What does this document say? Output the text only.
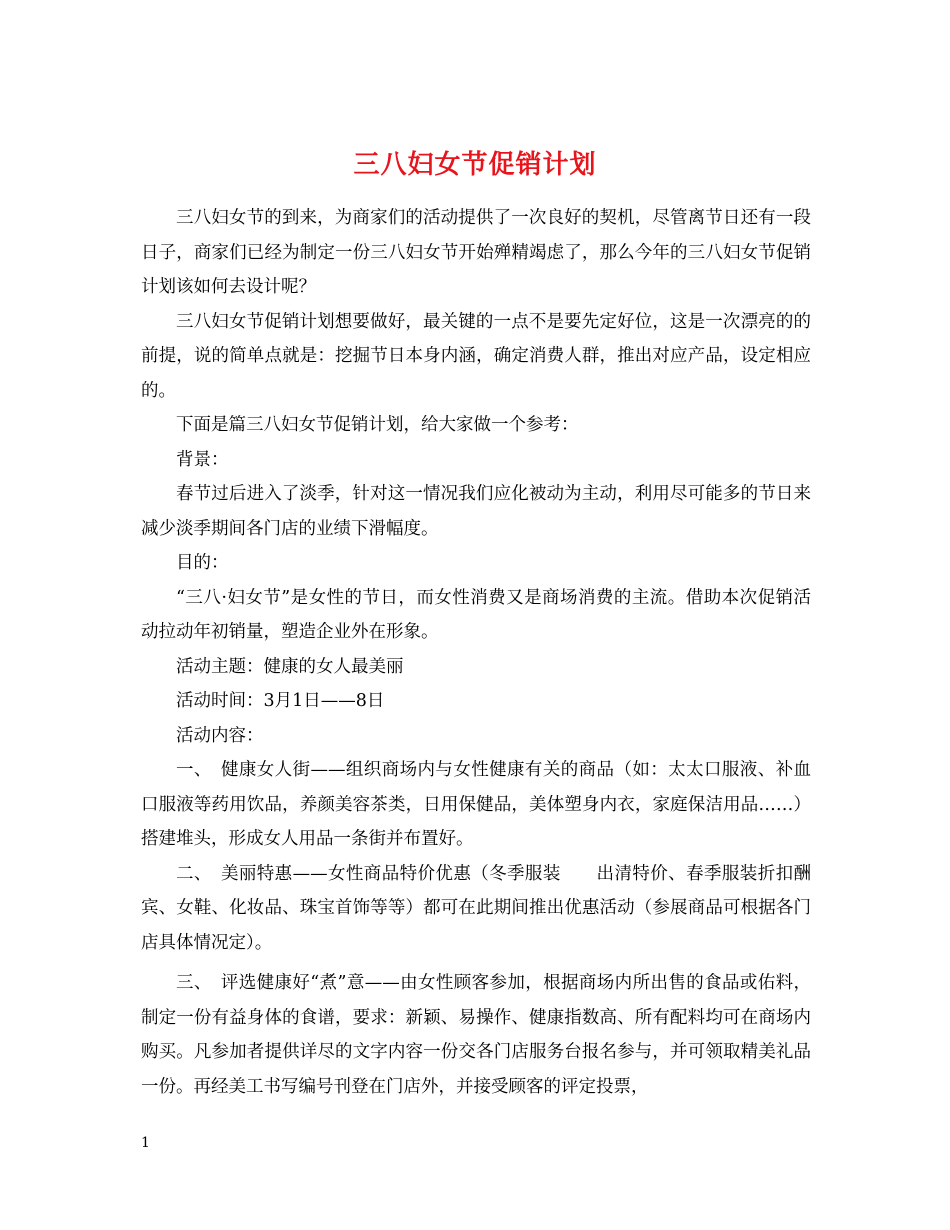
三八妇女节促销计划

三八妇女节的到来，为商家们的活动提供了一次良好的契机，尽管离节日还有一段日子，商家们已经为制定一份三八妇女节开始殚精竭虑了，那么今年的三八妇女节促销计划该如何去设计呢？

三八妇女节促销计划想要做好，最关键的一点不是要先定好位，这是一次漂亮的的前提，说的简单点就是：挖掘节日本身内涵，确定消费人群，推出对应产品，设定相应的。

下面是篇三八妇女节促销计划，给大家做一个参考：

背景：

春节过后进入了淡季，针对这一情况我们应化被动为主动，利用尽可能多的节日来减少淡季期间各门店的业绩下滑幅度。

目的：

“三八·妇女节”是女性的节日，而女性消费又是商场消费的主流。借助本次促销活动拉动年初销量，塑造企业外在形象。

活动主题：健康的女人最美丽

活动时间：3月1日——8日

活动内容：

一、　健康女人街——组织商场内与女性健康有关的商品（如：太太口服液、补血口服液等药用饮品，养颜美容茶类，日用保健品，美体塑身内衣，家庭保洁用品……）搭建堆头，形成女人用品一条街并布置好。

二、　美丽特惠——女性商品特价优惠（冬季服装　　出清特价、春季服装折扣酬宾、女鞋、化妆品、珠宝首饰等等）都可在此期间推出优惠活动（参展商品可根据各门店具体情况定）。

三、　评选健康好“煮”意——由女性顾客参加，根据商场内所出售的食品或佑料，制定一份有益身体的食谱，要求：新颖、易操作、健康指数高、所有配料均可在商场内购买。凡参加者提供详尽的文字内容一份交各门店服务台报名参与，并可领取精美礼品一份。再经美工书写编号刊登在门店外，并接受顾客的评定投票，

1
